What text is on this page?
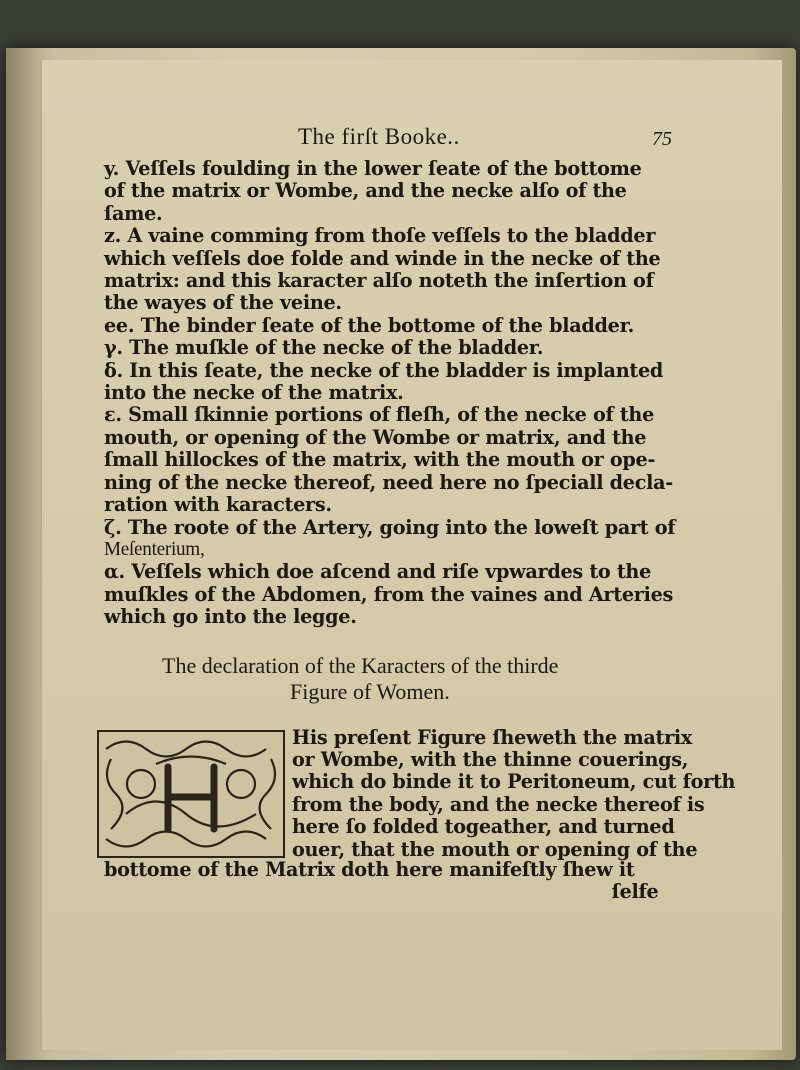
The firſt Booke..	75
y. Veſſels foulding in the lower ſeate of the bottome
of the matrix or Wombe, and the necke alſo of the
ſame.
z. A vaine comming from thoſe veſſels to the bladder
which veſſels doe folde and winde in the necke of the
matrix: and this karacter alſo noteth the inſertion of
the wayes of the veine.
ee. The binder ſeate of the bottome of the bladder.
γ. The muſkle of the necke of the bladder.
δ. In this ſeate, the necke of the bladder is implanted
into the necke of the matrix.
ε. Small ſkinnie portions of fleſh, of the necke of the
mouth, or opening of the Wombe or matrix, and the
ſmall hillockes of the matrix, with the mouth or ope-
ning of the necke thereof, need here no ſpeciall decla-
ration with karacters.
ζ. The roote of the Artery, going into the loweſt part of
Meſenterium,
α. Veſſels which doe aſcend and riſe vpwardes to the
muſkles of the Abdomen, from the vaines and Arteries
which go into the legge.
The declaration of the Karacters of the thirde
Figure of Women.
His preſent Figure ſheweth the matrix
or Wombe, with the thinne couerings,
which do binde it to Peritoneum, cut forth
from the body, and the necke thereof is
here ſo folded togeather, and turned
ouer, that the mouth or opening of the
bottome of the Matrix doth here manifeſtly ſhew it
ſelfe
